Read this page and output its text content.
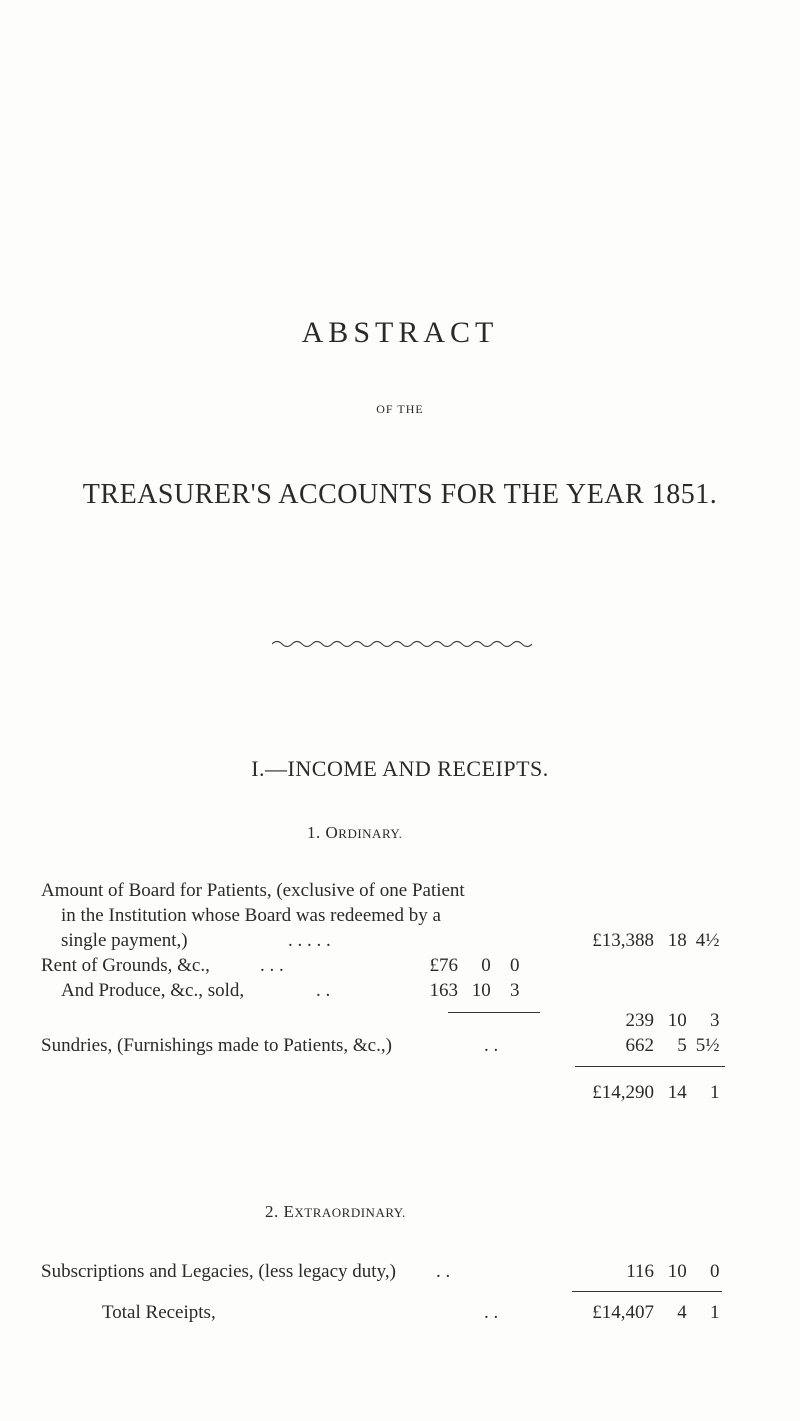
ABSTRACT
OF THE
TREASURER'S ACCOUNTS FOR THE YEAR 1851.
I.—INCOME AND RECEIPTS.
1. ORDINARY.
Amount of Board for Patients, (exclusive of one Patient
in the Institution whose Board was redeemed by a
single payment,)	. . . . .	£13,388 18 4½
Rent of Grounds, &c.,	. . .	£76 0 0
And Produce, &c., sold,	. .	163 10 3
239 10 3
Sundries, (Furnishings made to Patients, &c.,)	. .	662 5 5½
£14,290 14 1
2. EXTRAORDINARY.
Subscriptions and Legacies, (less legacy duty,) . .	116 10 0
Total Receipts,	. .	£14,407 4 1
